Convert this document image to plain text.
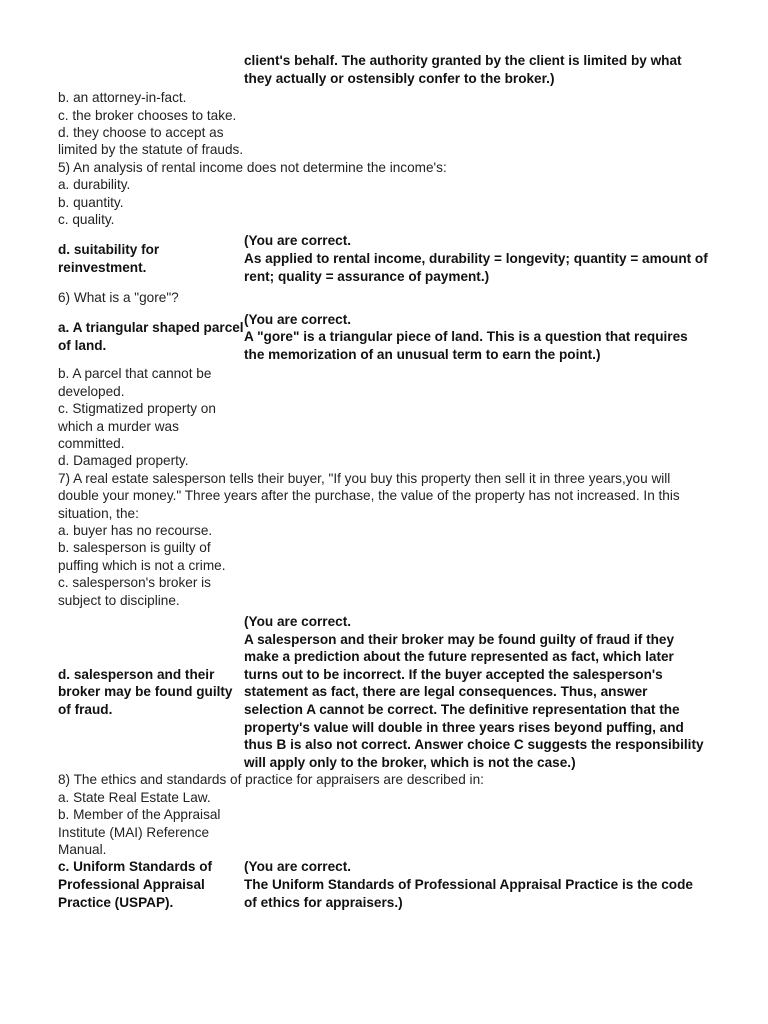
client's behalf. The authority granted by the client is limited by what they actually or ostensibly confer to the broker.)
b. an attorney-in-fact.
c. the broker chooses to take.
d. they choose to accept as limited by the statute of frauds.
5) An analysis of rental income does not determine the income's:
a. durability.
b. quantity.
c. quality.
d. suitability for reinvestment.
(You are correct.
As applied to rental income, durability = longevity; quantity = amount of rent; quality = assurance of payment.)
6) What is a "gore"?
a. A triangular shaped parcel of land.
(You are correct.
A "gore" is a triangular piece of land. This is a question that requires the memorization of an unusual term to earn the point.)
b. A parcel that cannot be developed.
c. Stigmatized property on which a murder was committed.
d. Damaged property.
7) A real estate salesperson tells their buyer, "If you buy this property then sell it in three years,you will double your money." Three years after the purchase, the value of the property has not increased. In this situation, the:
a. buyer has no recourse.
b. salesperson is guilty of puffing which is not a crime.
c. salesperson's broker is subject to discipline.
d. salesperson and their broker may be found guilty of fraud.
(You are correct.
A salesperson and their broker may be found guilty of fraud if they make a prediction about the future represented as fact, which later turns out to be incorrect. If the buyer accepted the salesperson's statement as fact, there are legal consequences. Thus, answer selection A cannot be correct. The definitive representation that the property's value will double in three years rises beyond puffing, and thus B is also not correct. Answer choice C suggests the responsibility will apply only to the broker, which is not the case.)
8) The ethics and standards of practice for appraisers are described in:
a. State Real Estate Law.
b. Member of the Appraisal Institute (MAI) Reference Manual.
c. Uniform Standards of Professional Appraisal Practice (USPAP).
(You are correct.
The Uniform Standards of Professional Appraisal Practice is the code of ethics for appraisers.)
